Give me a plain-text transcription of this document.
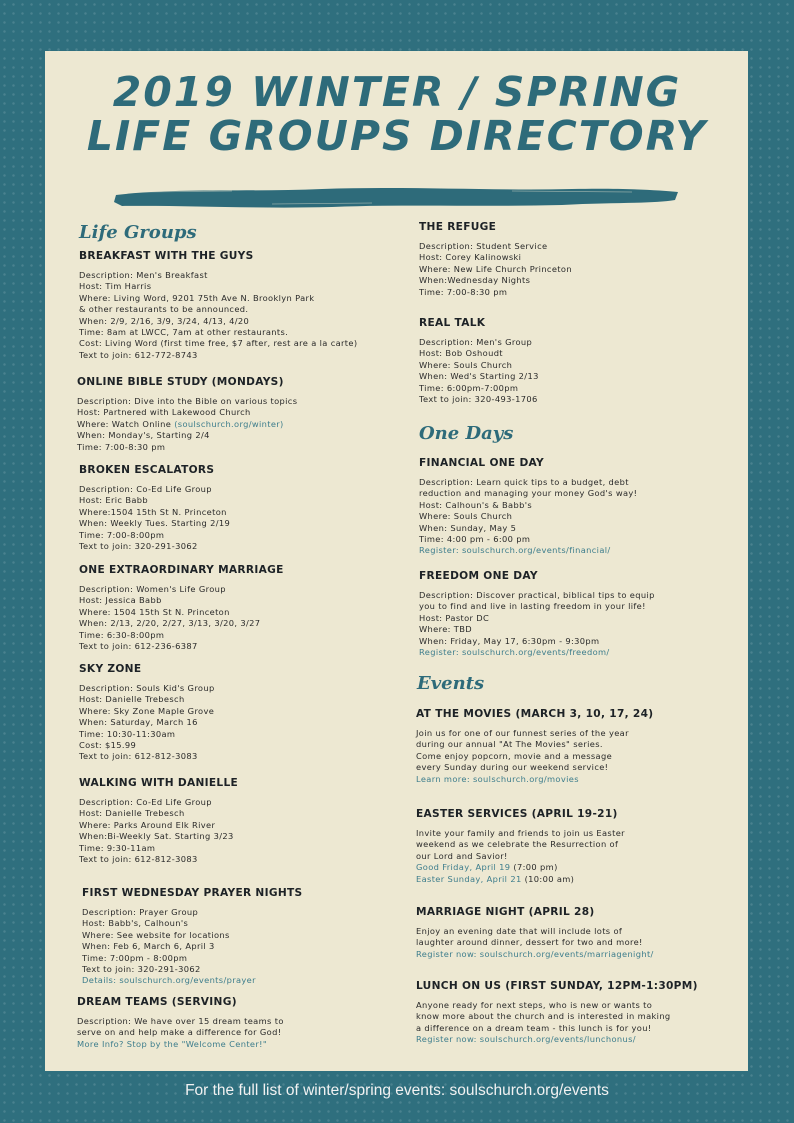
2019 WINTER / SPRING
LIFE GROUPS DIRECTORY
Life Groups
One Days
Events
BREAKFAST WITH THE GUYS
Description: Men's Breakfast
Host: Tim Harris
Where: Living Word, 9201 75th Ave N. Brooklyn Park
& other restaurants to be announced.
When: 2/9, 2/16, 3/9, 3/24, 4/13, 4/20
Time: 8am at LWCC, 7am at other restaurants.
Cost: Living Word (first time free, $7 after, rest are a la carte)
Text to join: 612-772-8743
ONLINE BIBLE STUDY (MONDAYS)
Description: Dive into the Bible on various topics
Host: Partnered with Lakewood Church
Where: Watch Online (soulschurch.org/winter)
When: Monday's, Starting 2/4
Time: 7:00-8:30 pm
BROKEN ESCALATORS
Description: Co-Ed Life Group
Host: Eric Babb
Where:1504 15th St N. Princeton
When: Weekly Tues. Starting 2/19
Time: 7:00-8:00pm
Text to join: 320-291-3062
ONE EXTRAORDINARY MARRIAGE
Description: Women's Life Group
Host: Jessica Babb
Where: 1504 15th St N. Princeton
When: 2/13, 2/20, 2/27, 3/13, 3/20, 3/27
Time: 6:30-8:00pm
Text to join: 612-236-6387
SKY ZONE
Description: Souls Kid's Group
Host: Danielle Trebesch
Where: Sky Zone Maple Grove
When: Saturday, March 16
Time: 10:30-11:30am
Cost: $15.99
Text to join: 612-812-3083
WALKING WITH DANIELLE
Description: Co-Ed Life Group
Host: Danielle Trebesch
Where: Parks Around Elk River
When:Bi-Weekly Sat. Starting 3/23
Time: 9:30-11am
Text to join: 612-812-3083
FIRST WEDNESDAY PRAYER NIGHTS
Description: Prayer Group
Host: Babb's, Calhoun's
Where: See website for locations
When: Feb 6, March 6, April 3
Time: 7:00pm - 8:00pm
Text to join: 320-291-3062
Details: soulschurch.org/events/prayer
DREAM TEAMS (SERVING)
Description: We have over 15 dream teams to
serve on and help make a difference for God!
More Info? Stop by the "Welcome Center!"
THE REFUGE
Description: Student Service
Host: Corey Kalinowski
Where: New Life Church Princeton
When:Wednesday Nights
Time: 7:00-8:30 pm
REAL TALK
Description: Men's Group
Host: Bob Oshoudt
Where: Souls Church
When: Wed's Starting 2/13
Time: 6:00pm-7:00pm
Text to join: 320-493-1706
FINANCIAL ONE DAY
Description: Learn quick tips to a budget, debt
reduction and managing your money God's way!
Host: Calhoun's & Babb's
Where: Souls Church
When: Sunday, May 5
Time: 4:00 pm - 6:00 pm
Register: soulschurch.org/events/financial/
FREEDOM ONE DAY
Description: Discover practical, biblical tips to equip
you to find and live in lasting freedom in your life!
Host: Pastor DC
Where: TBD
When: Friday, May 17, 6:30pm - 9:30pm
Register: soulschurch.org/events/freedom/
AT THE MOVIES (MARCH 3, 10, 17, 24)
Join us for one of our funnest series of the year
during our annual "At The Movies" series.
Come enjoy popcorn, movie and a message
every Sunday during our weekend service!
Learn more: soulschurch.org/movies
EASTER SERVICES (APRIL 19-21)
Invite your family and friends to join us Easter
weekend as we celebrate the Resurrection of
our Lord and Savior!
Good Friday, April 19 (7:00 pm)
Easter Sunday, April 21 (10:00 am)
MARRIAGE NIGHT (APRIL 28)
Enjoy an evening date that will include lots of
laughter around dinner, dessert for two and more!
Register now: soulschurch.org/events/marriagenight/
LUNCH ON US (FIRST SUNDAY, 12PM-1:30PM)
Anyone ready for next steps, who is new or wants to
know more about the church and is interested in making
a difference on a dream team - this lunch is for you!
Register now: soulschurch.org/events/lunchonus/
For the full list of winter/spring events: soulschurch.org/events
